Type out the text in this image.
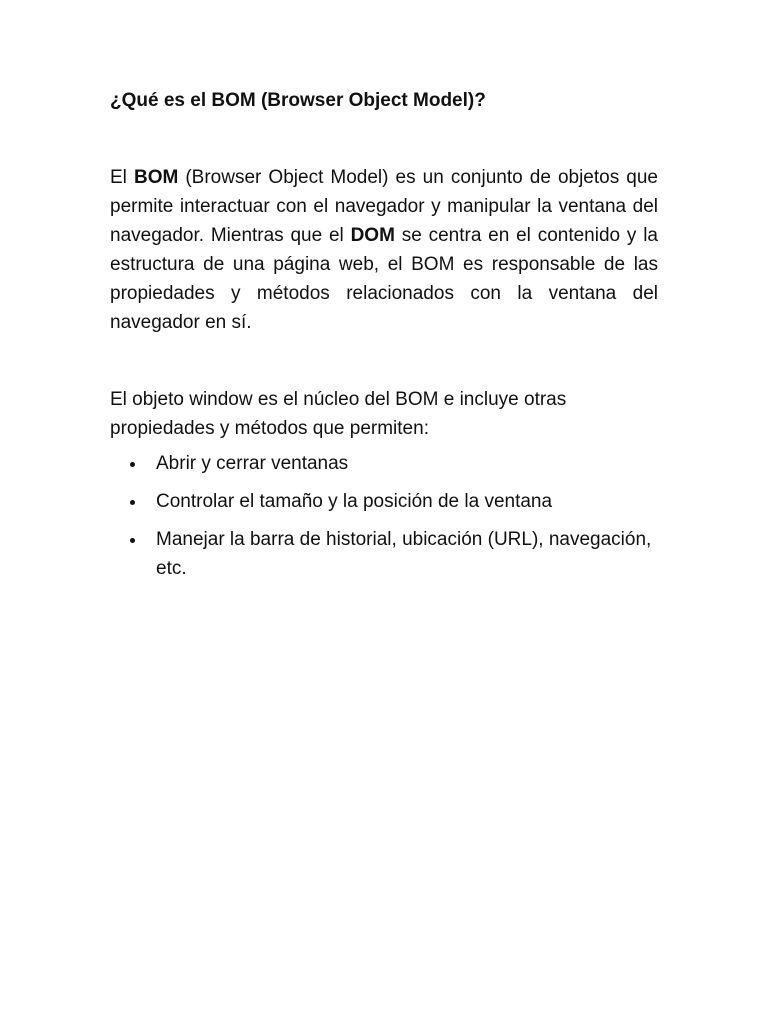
¿Qué es el BOM (Browser Object Model)?

El BOM (Browser Object Model) es un conjunto de objetos que permite interactuar con el navegador y manipular la ventana del navegador. Mientras que el DOM se centra en el contenido y la estructura de una página web, el BOM es responsable de las propiedades y métodos relacionados con la ventana del navegador en sí.

El objeto window es el núcleo del BOM e incluye otras propiedades y métodos que permiten:

Abrir y cerrar ventanas
Controlar el tamaño y la posición de la ventana
Manejar la barra de historial, ubicación (URL), navegación, etc.
